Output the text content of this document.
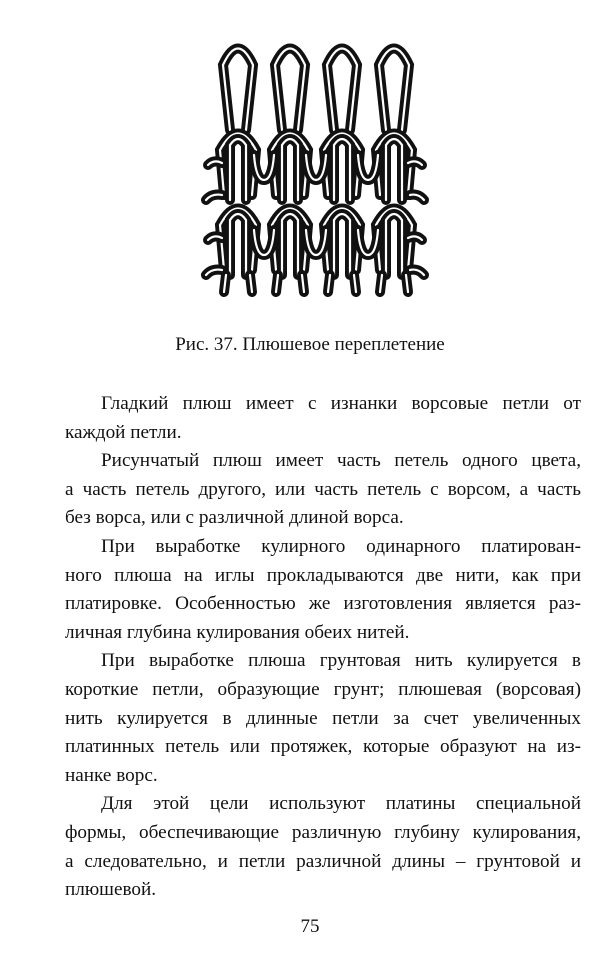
Рис. 37. Плюшевое переплетение
Гладкий плюш имеет с изнанки ворсовые петли от
каждой петли.
Рисунчатый плюш имеет часть петель одного цвета,
а часть петель другого, или часть петель с ворсом, а часть
без ворса, или с различной длиной ворса.
При выработке кулирного одинарного платирован-
ного плюша на иглы прокладываются две нити, как при
платировке. Особенностью же изготовления является раз-
личная глубина кулирования обеих нитей.
При выработке плюша грунтовая нить кулируется в
короткие петли, образующие грунт; плюшевая (ворсовая)
нить кулируется в длинные петли за счет увеличенных
платинных петель или протяжек, которые образуют на из-
нанке ворс.
Для этой цели используют платины специальной
формы, обеспечивающие различную глубину кулирования,
а следовательно, и петли различной длины – грунтовой и
плюшевой.
75
